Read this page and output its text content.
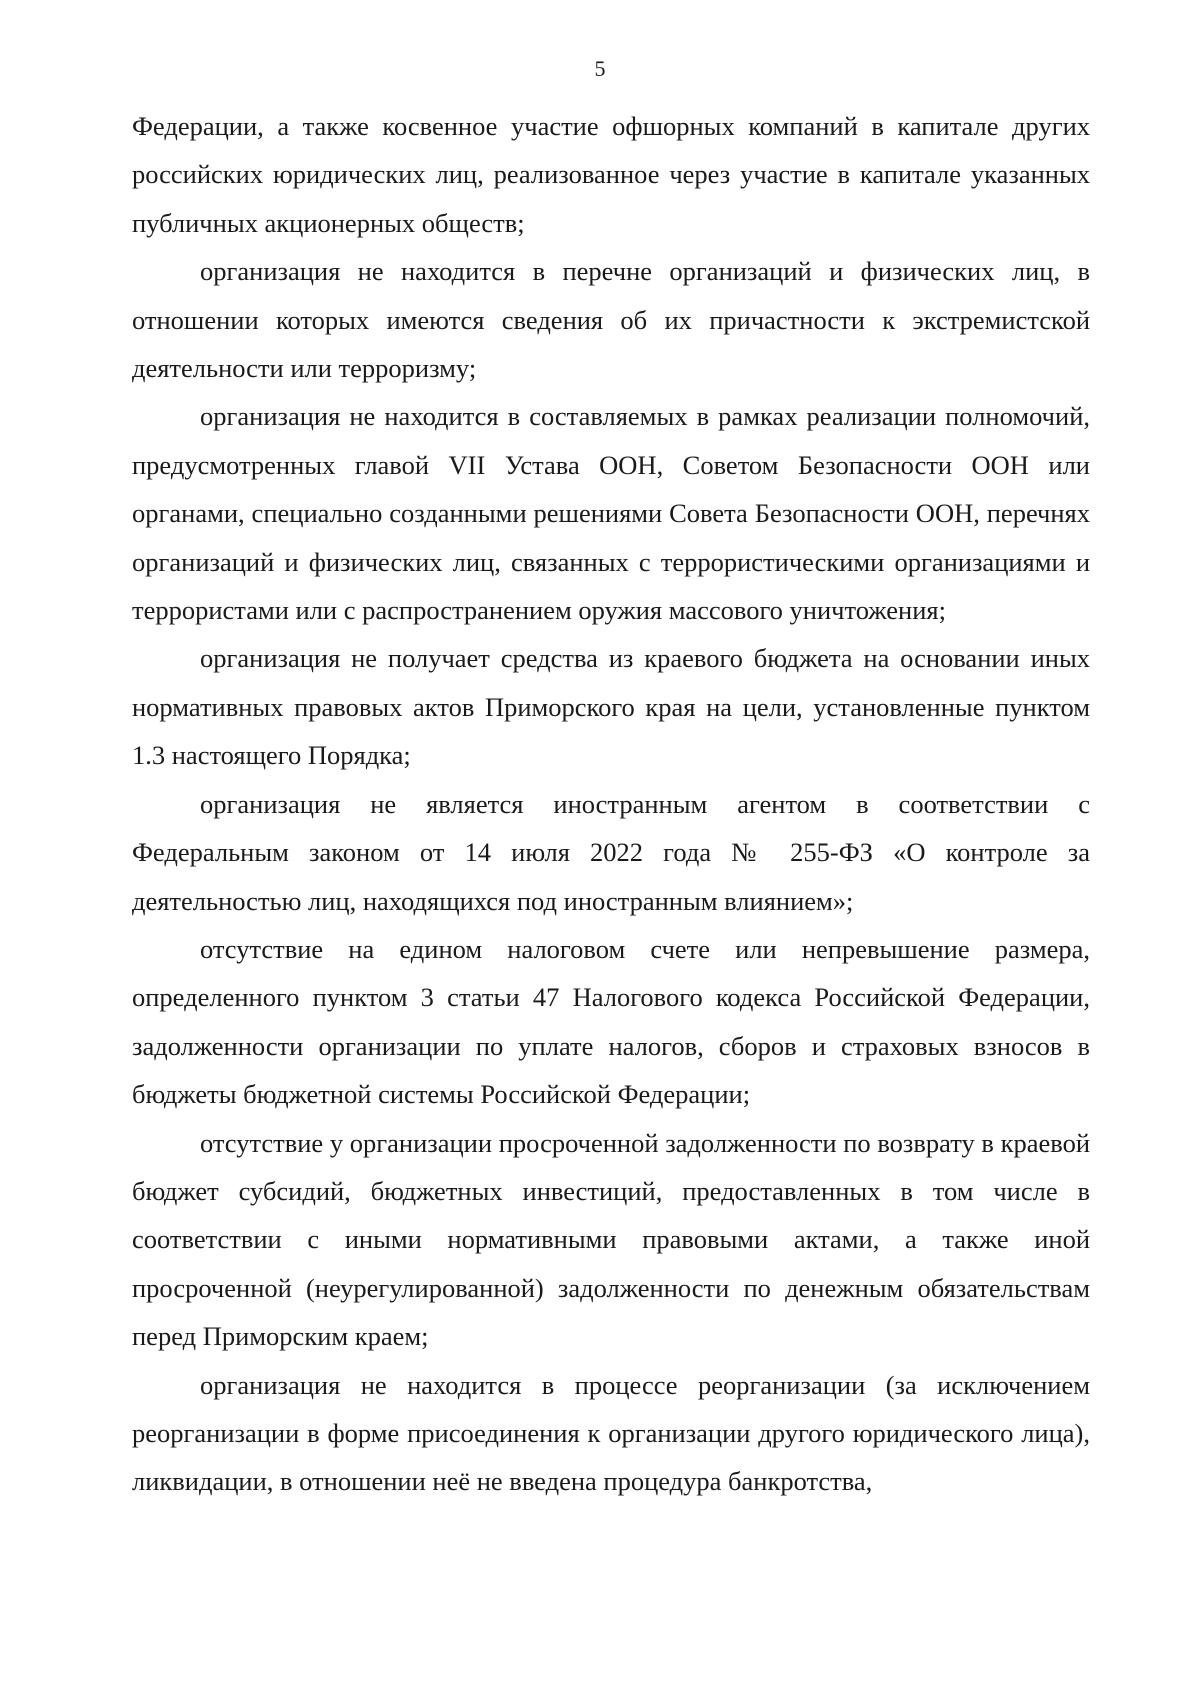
5

Федерации, а также косвенное участие офшорных компаний в капитале других российских юридических лиц, реализованное через участие в капитале указанных публичных акционерных обществ;

организация не находится в перечне организаций и физических лиц, в отношении которых имеются сведения об их причастности к экстремистской деятельности или терроризму;

организация не находится в составляемых в рамках реализации полномочий, предусмотренных главой VII Устава ООН, Советом Безопасности ООН или органами, специально созданными решениями Совета Безопасности ООН, перечнях организаций и физических лиц, связанных с террористическими организациями и террористами или с распространением оружия массового уничтожения;

организация не получает средства из краевого бюджета на основании иных нормативных правовых актов Приморского края на цели, установленные пунктом 1.3 настоящего Порядка;

организация не является иностранным агентом в соответствии с Федеральным законом от 14 июля 2022 года № 255-ФЗ «О контроле за деятельностью лиц, находящихся под иностранным влиянием»;

отсутствие на едином налоговом счете или непревышение размера, определенного пунктом 3 статьи 47 Налогового кодекса Российской Федерации, задолженности организации по уплате налогов, сборов и страховых взносов в бюджеты бюджетной системы Российской Федерации;

отсутствие у организации просроченной задолженности по возврату в краевой бюджет субсидий, бюджетных инвестиций, предоставленных в том числе в соответствии с иными нормативными правовыми актами, а также иной просроченной (неурегулированной) задолженности по денежным обязательствам перед Приморским краем;

организация не находится в процессе реорганизации (за исключением реорганизации в форме присоединения к организации другого юридического лица), ликвидации, в отношении неё не введена процедура банкротства,
